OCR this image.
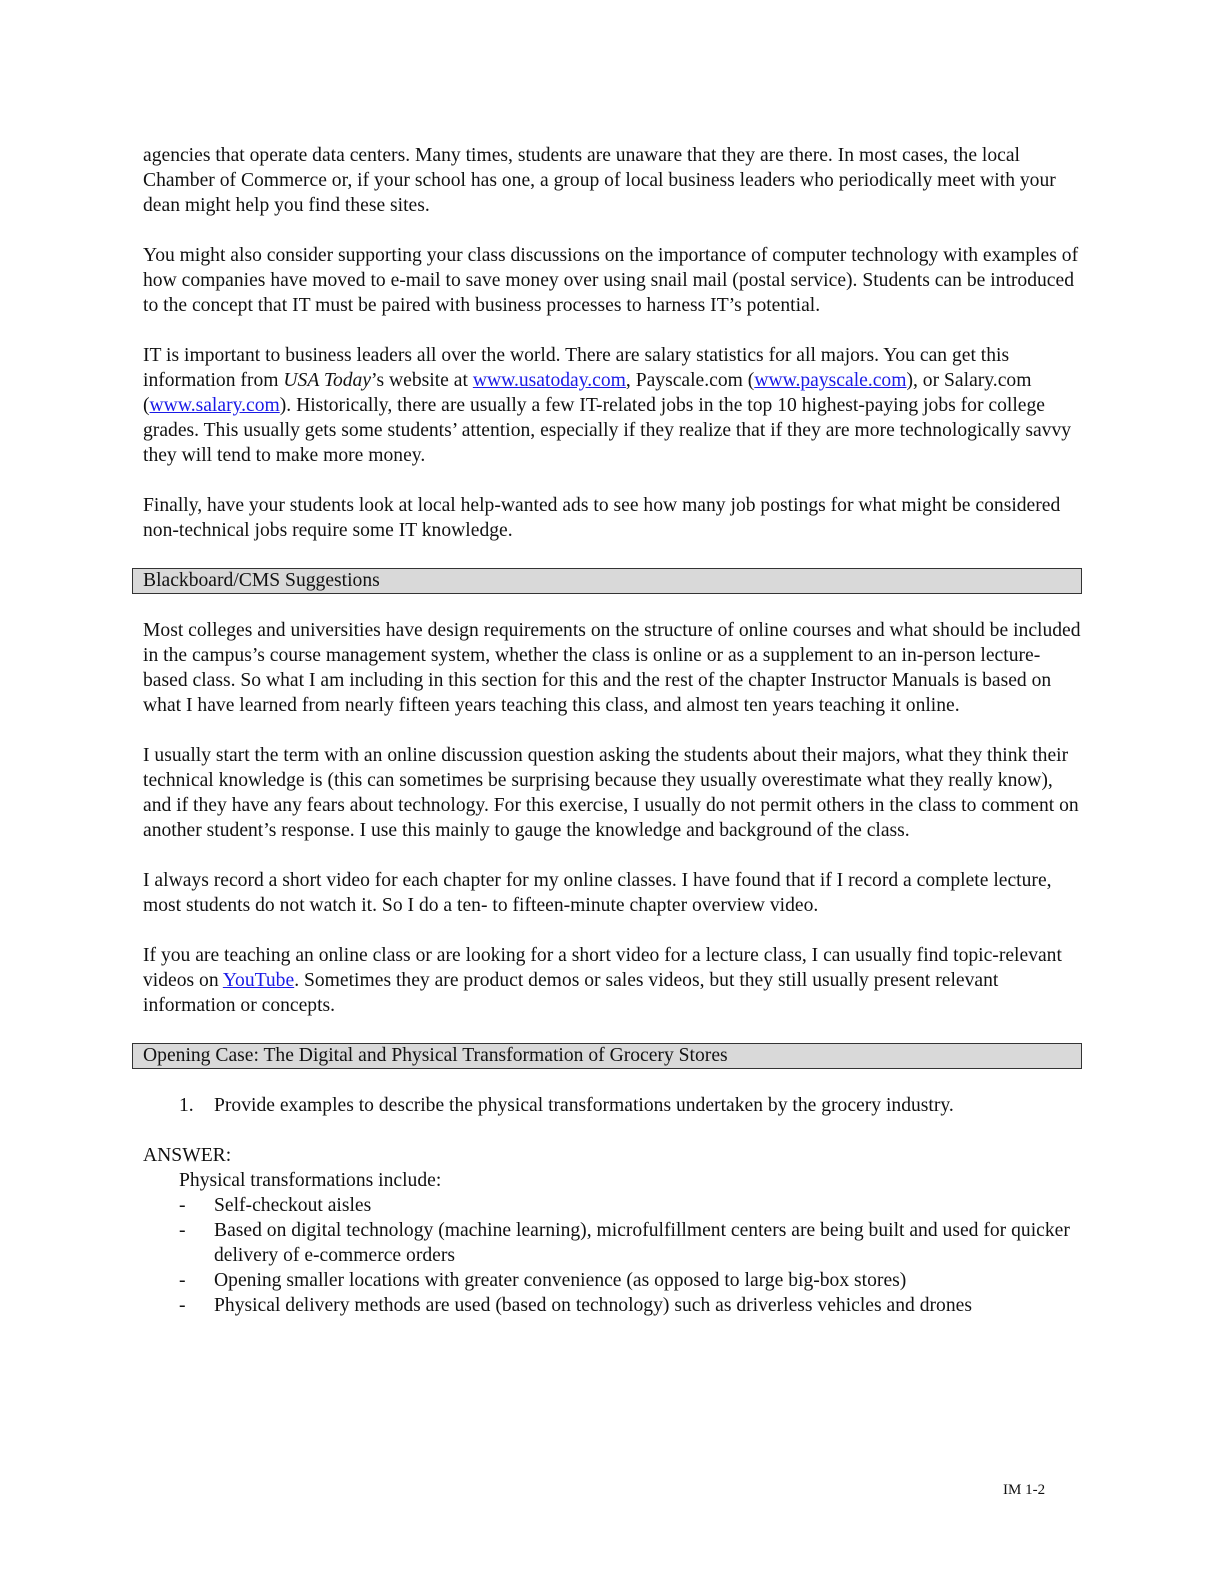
agencies that operate data centers. Many times, students are unaware that they are there. In most cases, the local Chamber of Commerce or, if your school has one, a group of local business leaders who periodically meet with your dean might help you find these sites.

You might also consider supporting your class discussions on the importance of computer technology with examples of how companies have moved to e-mail to save money over using snail mail (postal service). Students can be introduced to the concept that IT must be paired with business processes to harness IT’s potential.

IT is important to business leaders all over the world. There are salary statistics for all majors. You can get this information from USA Today’s website at www.usatoday.com, Payscale.com (www.payscale.com), or Salary.com (www.salary.com). Historically, there are usually a few IT-related jobs in the top 10 highest-paying jobs for college grades. This usually gets some students’ attention, especially if they realize that if they are more technologically savvy they will tend to make more money.

Finally, have your students look at local help-wanted ads to see how many job postings for what might be considered non-technical jobs require some IT knowledge.

Blackboard/CMS Suggestions

Most colleges and universities have design requirements on the structure of online courses and what should be included in the campus’s course management system, whether the class is online or as a supplement to an in-person lecture-based class. So what I am including in this section for this and the rest of the chapter Instructor Manuals is based on what I have learned from nearly fifteen years teaching this class, and almost ten years teaching it online.

I usually start the term with an online discussion question asking the students about their majors, what they think their technical knowledge is (this can sometimes be surprising because they usually overestimate what they really know), and if they have any fears about technology. For this exercise, I usually do not permit others in the class to comment on another student’s response. I use this mainly to gauge the knowledge and background of the class.

I always record a short video for each chapter for my online classes. I have found that if I record a complete lecture, most students do not watch it. So I do a ten- to fifteen-minute chapter overview video.

If you are teaching an online class or are looking for a short video for a lecture class, I can usually find topic-relevant videos on YouTube. Sometimes they are product demos or sales videos, but they still usually present relevant information or concepts.

Opening Case: The Digital and Physical Transformation of Grocery Stores
1.	Provide examples to describe the physical transformations undertaken by the grocery industry.

ANSWER:

Physical transformations include:

-	Self-checkout aisles
-	Based on digital technology (machine learning), microfulfillment centers are being built and used for quicker delivery of e-commerce orders
-	Opening smaller locations with greater convenience (as opposed to large big-box stores)
-	Physical delivery methods are used (based on technology) such as driverless vehicles and drones
IM 1-2
